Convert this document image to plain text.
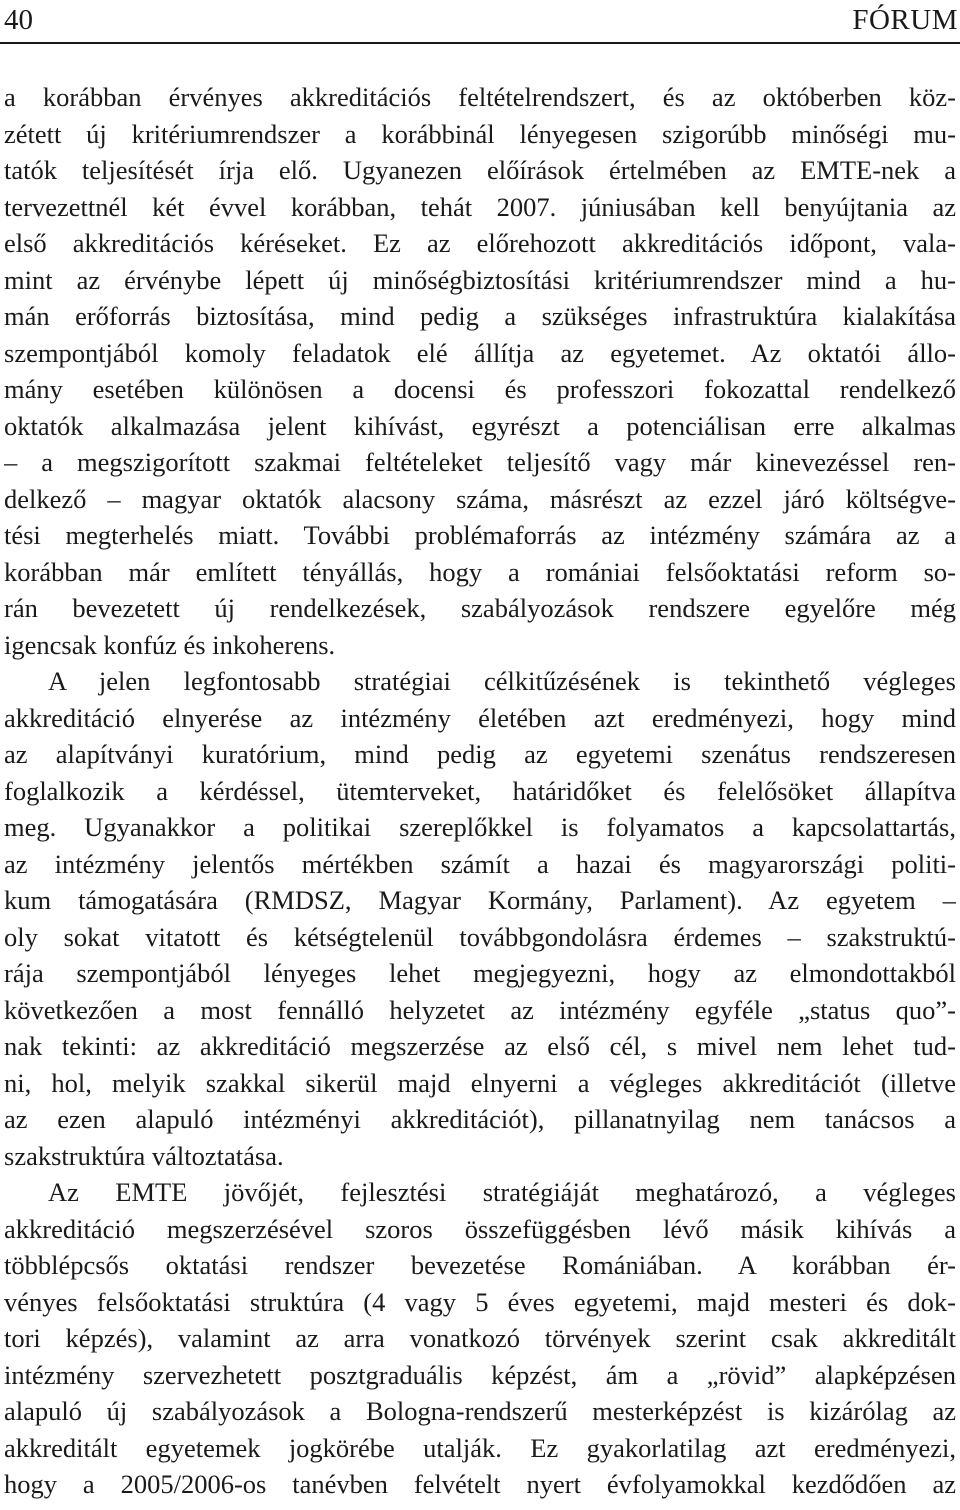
40	FÓRUM
a korábban érvényes akkreditációs feltételrendszert, és az októberben köz-
zétett új kritériumrendszer a korábbinál lényegesen szigorúbb minőségi mu-
tatók teljesítését írja elő. Ugyanezen előírások értelmében az EMTE-nek a
tervezettnél két évvel korábban, tehát 2007. júniusában kell benyújtania az
első akkreditációs kéréseket. Ez az előrehozott akkreditációs időpont, vala-
mint az érvénybe lépett új minőségbiztosítási kritériumrendszer mind a hu-
mán erőforrás biztosítása, mind pedig a szükséges infrastruktúra kialakítása
szempontjából komoly feladatok elé állítja az egyetemet. Az oktatói állo-
mány esetében különösen a docensi és professzori fokozattal rendelkező
oktatók alkalmazása jelent kihívást, egyrészt a potenciálisan erre alkalmas
– a megszigorított szakmai feltételeket teljesítő vagy már kinevezéssel ren-
delkező – magyar oktatók alacsony száma, másrészt az ezzel járó költségve-
tési megterhelés miatt. További problémaforrás az intézmény számára az a
korábban már említett tényállás, hogy a romániai felsőoktatási reform so-
rán bevezetett új rendelkezések, szabályozások rendszere egyelőre még
igencsak konfúz és inkoherens.
A jelen legfontosabb stratégiai célkitűzésének is tekinthető végleges
akkreditáció elnyerése az intézmény életében azt eredményezi, hogy mind
az alapítványi kuratórium, mind pedig az egyetemi szenátus rendszeresen
foglalkozik a kérdéssel, ütemterveket, határidőket és felelősöket állapítva
meg. Ugyanakkor a politikai szereplőkkel is folyamatos a kapcsolattartás,
az intézmény jelentős mértékben számít a hazai és magyarországi politi-
kum támogatására (RMDSZ, Magyar Kormány, Parlament). Az egyetem –
oly sokat vitatott és kétségtelenül továbbgondolásra érdemes – szakstruktú-
rája szempontjából lényeges lehet megjegyezni, hogy az elmondottakból
következően a most fennálló helyzetet az intézmény egyféle „status quo”-
nak tekinti: az akkreditáció megszerzése az első cél, s mivel nem lehet tud-
ni, hol, melyik szakkal sikerül majd elnyerni a végleges akkreditációt (illetve
az ezen alapuló intézményi akkreditációt), pillanatnyilag nem tanácsos a
szakstruktúra változtatása.
Az EMTE jövőjét, fejlesztési stratégiáját meghatározó, a végleges
akkreditáció megszerzésével szoros összefüggésben lévő másik kihívás a
többlépcsős oktatási rendszer bevezetése Romániában. A korábban ér-
vényes felsőoktatási struktúra (4 vagy 5 éves egyetemi, majd mesteri és dok-
tori képzés), valamint az arra vonatkozó törvények szerint csak akkreditált
intézmény szervezhetett posztgraduális képzést, ám a „rövid” alapképzésen
alapuló új szabályozások a Bologna-rendszerű mesterképzést is kizárólag az
akkreditált egyetemek jogkörébe utalják. Ez gyakorlatilag azt eredményezi,
hogy a 2005/2006-os tanévben felvételt nyert évfolyamokkal kezdődően az
